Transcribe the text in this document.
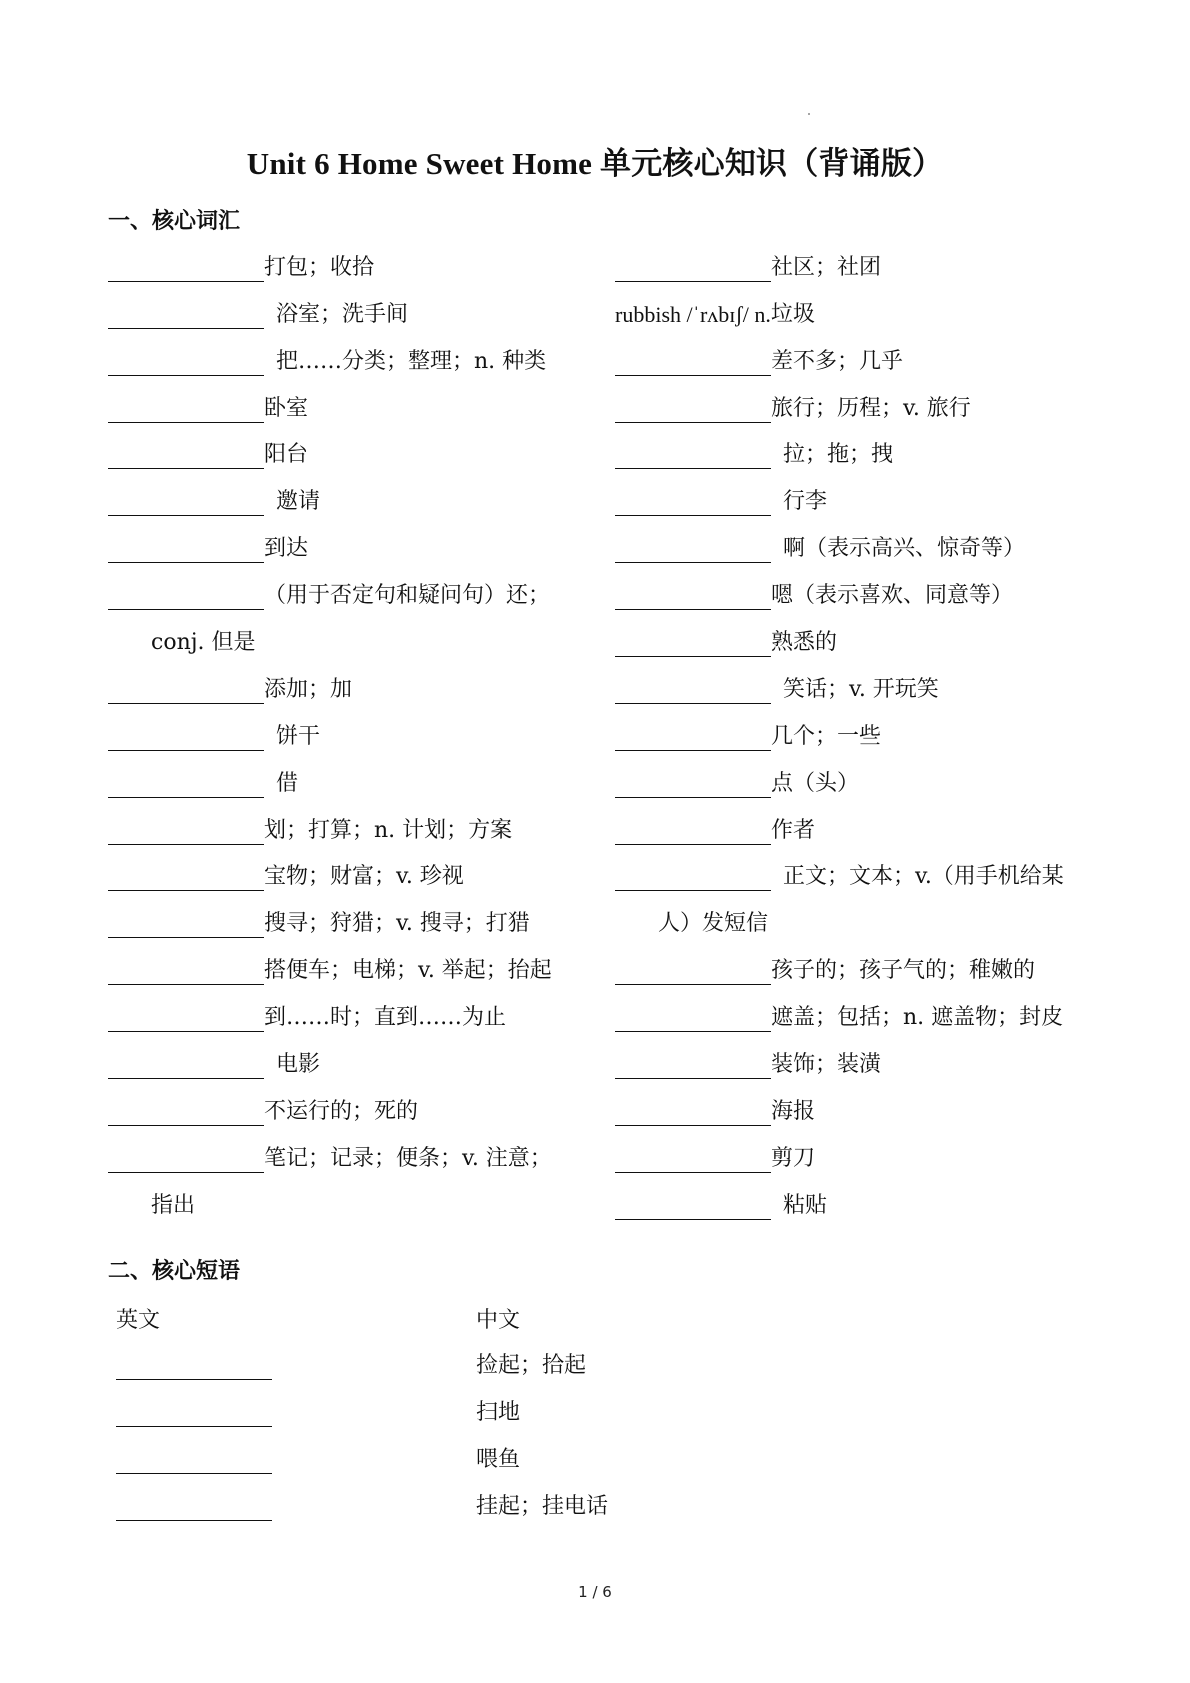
Unit 6 Home Sweet Home 单元核心知识（背诵版）
一、核心词汇
打包；收拾
浴室；洗手间
把……分类；整理；n. 种类
卧室
阳台
邀请
到达
（用于否定句和疑问句）还；
conj. 但是
添加；加
饼干
借
划；打算；n. 计划；方案
宝物；财富；v. 珍视
搜寻；狩猎；v. 搜寻；打猎
搭便车；电梯；v. 举起；抬起
到……时；直到……为止
电影
不运行的；死的
笔记；记录；便条；v. 注意；
指出
社区；社团
rubbish /ˈrʌbɪʃ/ n. 垃圾
差不多；几乎
旅行；历程；v. 旅行
拉；拖；拽
行李
啊（表示高兴、惊奇等）
嗯（表示喜欢、同意等）
熟悉的
笑话；v. 开玩笑
几个；一些
点（头）
作者
正文；文本；v.（用手机给某
人）发短信
孩子的；孩子气的；稚嫩的
遮盖；包括；n. 遮盖物；封皮
装饰；装潢
海报
剪刀
粘贴
二、核心短语
英文	中文
捡起；拾起
扫地
喂鱼
挂起；挂电话
1 / 6
